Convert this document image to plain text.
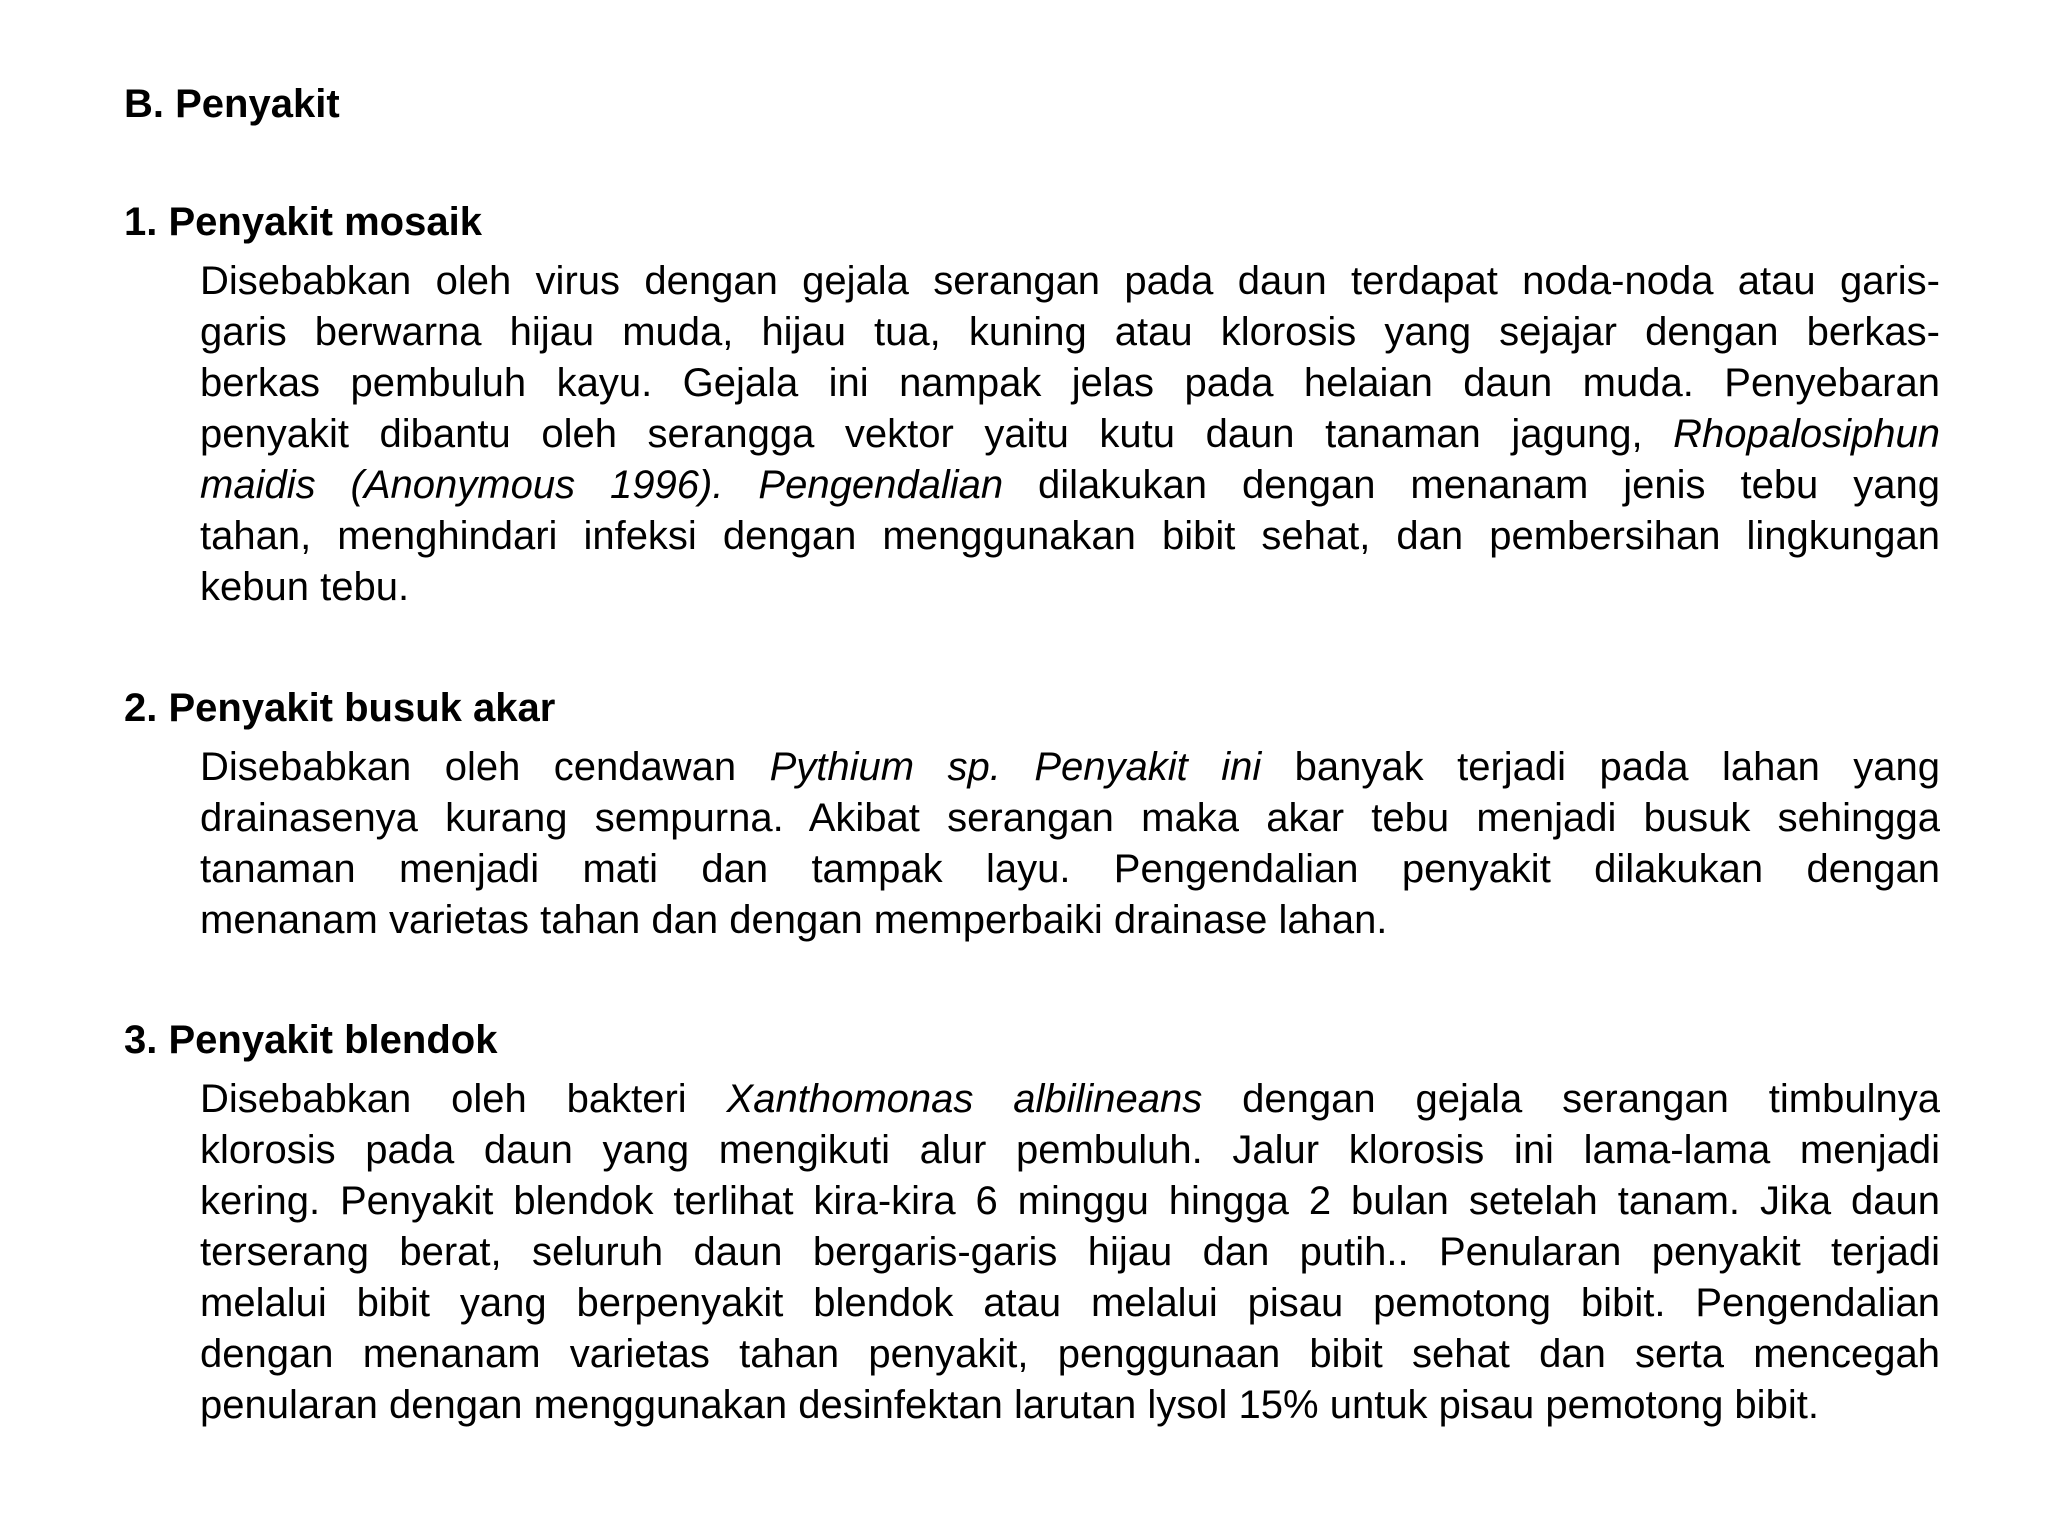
B. Penyakit
1. Penyakit mosaik
Disebabkan oleh virus dengan gejala serangan pada daun terdapat noda-noda atau garis-
garis berwarna hijau muda, hijau tua, kuning atau klorosis yang sejajar dengan berkas-
berkas pembuluh kayu. Gejala ini nampak jelas pada helaian daun muda. Penyebaran
penyakit dibantu oleh serangga vektor yaitu kutu daun tanaman jagung, Rhopalosiphun
maidis (Anonymous 1996). Pengendalian dilakukan dengan menanam jenis tebu yang
tahan, menghindari infeksi dengan menggunakan bibit sehat, dan pembersihan lingkungan
kebun tebu.
2. Penyakit busuk akar
Disebabkan oleh cendawan Pythium sp. Penyakit ini banyak terjadi pada lahan yang
drainasenya kurang sempurna. Akibat serangan maka akar tebu menjadi busuk sehingga
tanaman menjadi mati dan tampak layu. Pengendalian penyakit dilakukan dengan
menanam varietas tahan dan dengan memperbaiki drainase lahan.
3. Penyakit blendok
Disebabkan oleh bakteri Xanthomonas albilineans dengan gejala serangan timbulnya
klorosis pada daun yang mengikuti alur pembuluh. Jalur klorosis ini lama-lama menjadi
kering. Penyakit blendok terlihat kira-kira 6 minggu hingga 2 bulan setelah tanam. Jika daun
terserang berat, seluruh daun bergaris-garis hijau dan putih.. Penularan penyakit terjadi
melalui bibit yang berpenyakit blendok atau melalui pisau pemotong bibit. Pengendalian
dengan menanam varietas tahan penyakit, penggunaan bibit sehat dan serta mencegah
penularan dengan menggunakan desinfektan larutan lysol 15% untuk pisau pemotong bibit.
